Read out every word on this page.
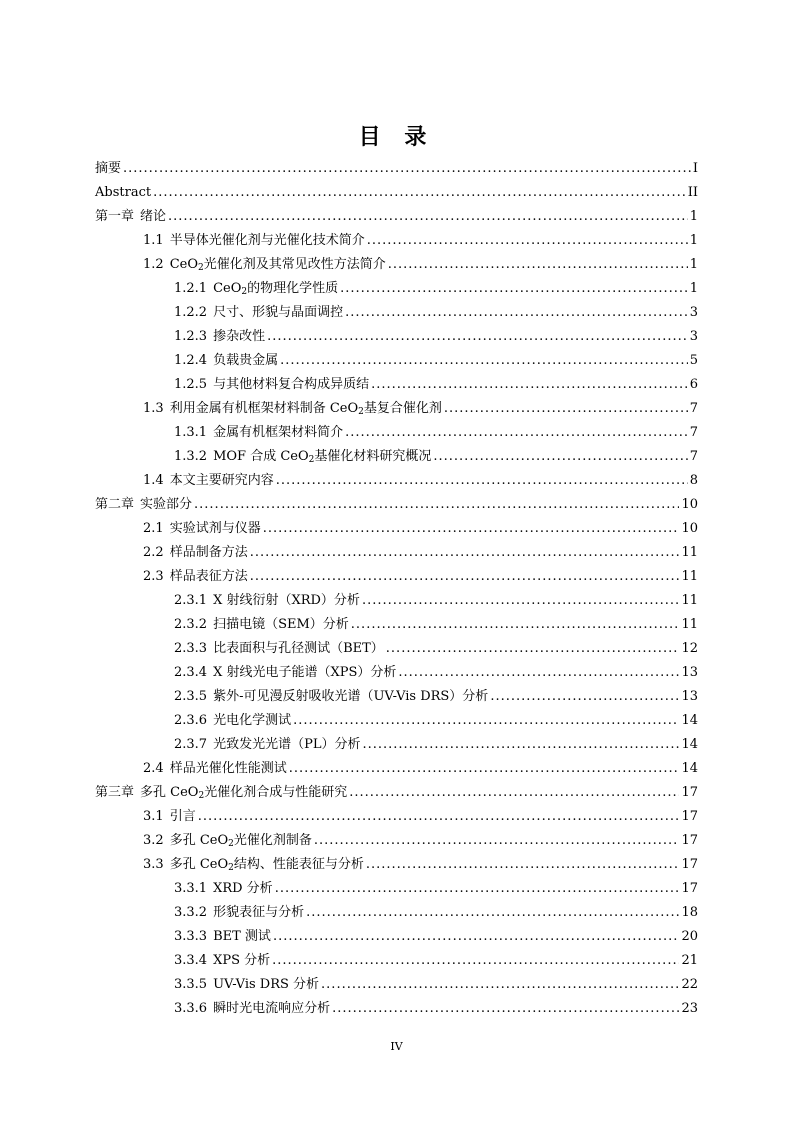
目 录
摘要 .....	I
Abstract .....	II
第一章 绪论 .....	1
1.1 半导体光催化剂与光催化技术简介 .....	1
1.2 CeO$_2$光催化剂及其常见改性方法简介 .....	1
1.2.1 CeO$_2$的物理化学性质 .....	1
1.2.2 尺寸、形貌与晶面调控 .....	3
1.2.3 掺杂改性 .....	3
1.2.4 负载贵金属 .....	5
1.2.5 与其他材料复合构成异质结 .....	6
1.3 利用金属有机框架材料制备 CeO$_2$基复合催化剂 .....	7
1.3.1 金属有机框架材料简介 .....	7
1.3.2 MOF 合成 CeO$_2$基催化材料研究概况 .....	7
1.4 本文主要研究内容 .....	8
第二章 实验部分 .....	10
2.1 实验试剂与仪器 .....	10
2.2 样品制备方法 .....	11
2.3 样品表征方法 .....	11
2.3.1 X 射线衍射（XRD）分析 .....	11
2.3.2 扫描电镜（SEM）分析 .....	11
2.3.3 比表面积与孔径测试（BET） .....	12
2.3.4 X 射线光电子能谱（XPS）分析 .....	13
2.3.5 紫外-可见漫反射吸收光谱（UV-Vis DRS）分析 .....	13
2.3.6 光电化学测试 .....	14
2.3.7 光致发光光谱（PL）分析 .....	14
2.4 样品光催化性能测试 .....	14
第三章 多孔 CeO$_2$光催化剂合成与性能研究 .....	17
3.1 引言 .....	17
3.2 多孔 CeO$_2$光催化剂制备 .....	17
3.3 多孔 CeO$_2$结构、性能表征与分析 .....	17
3.3.1 XRD 分析 .....	17
3.3.2 形貌表征与分析 .....	18
3.3.3 BET 测试 .....	20
3.3.4 XPS 分析 .....	21
3.3.5 UV-Vis DRS 分析 .....	22
3.3.6 瞬时光电流响应分析 .....	23
IV
